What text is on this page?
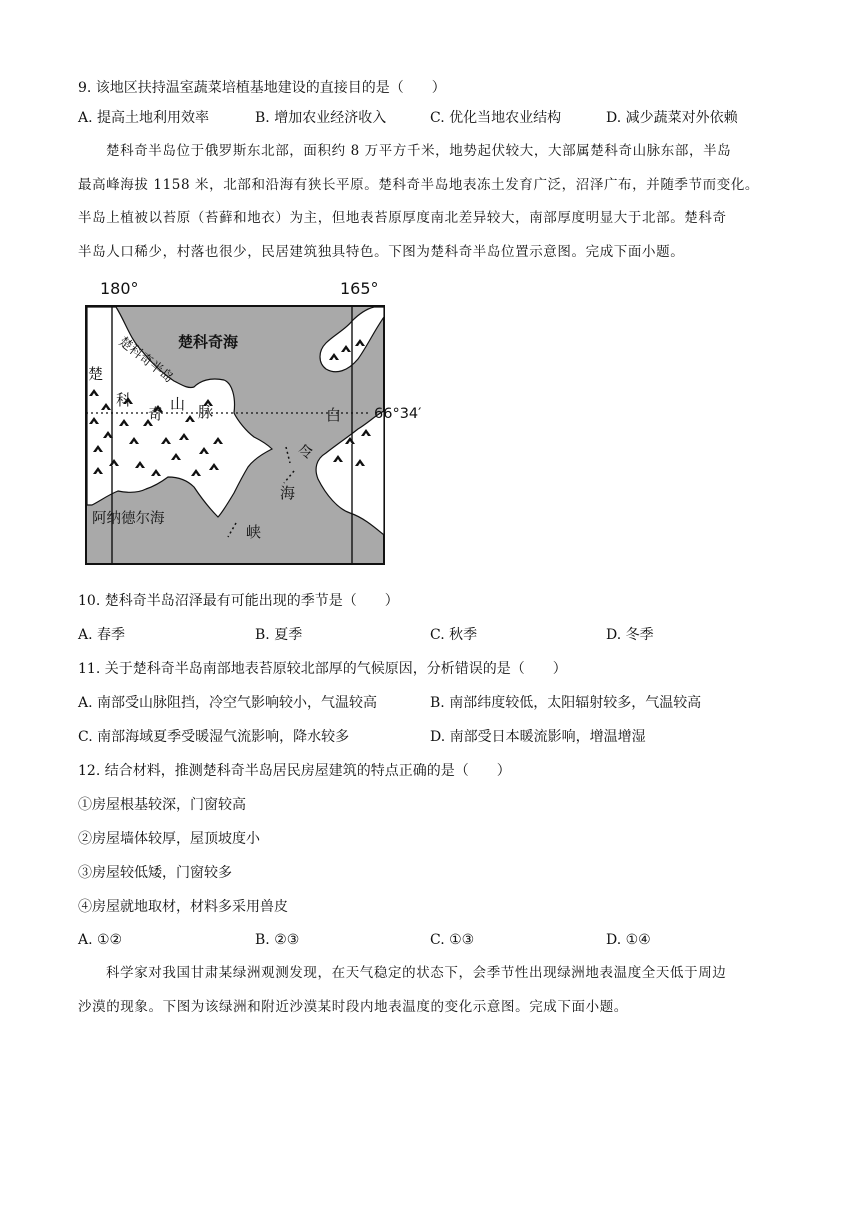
9. 该地区扶持温室蔬菜培植基地建设的直接目的是（　　）
A. 提高土地利用效率	B. 增加农业经济收入	C. 优化当地农业结构	D. 减少蔬菜对外依赖
楚科奇半岛位于俄罗斯东北部，面积约 8 万平方千米，地势起伏较大，大部属楚科奇山脉东部，半岛
最高峰海拔 1158 米，北部和沿海有狭长平原。楚科奇半岛地表冻土发育广泛，沼泽广布，并随季节而变化。
半岛上植被以苔原（苔藓和地衣）为主，但地表苔原厚度南北差异较大，南部厚度明显大于北部。楚科奇
半岛人口稀少，村落也很少，民居建筑独具特色。下图为楚科奇半岛位置示意图。完成下面小题。
180°	165°
66°34′
楚科奇海
楚科奇半岛
楚
科
奇
山 脉	白
令
海
峡
阿纳德尔海
10. 楚科奇半岛沼泽最有可能出现的季节是（　　）
A. 春季	B. 夏季	C. 秋季	D. 冬季
11. 关于楚科奇半岛南部地表苔原较北部厚的气候原因，分析错误的是（　　）
A. 南部受山脉阻挡，冷空气影响较小，气温较高	B. 南部纬度较低，太阳辐射较多，气温较高
C. 南部海域夏季受暖湿气流影响，降水较多	D. 南部受日本暖流影响，增温增湿
12. 结合材料，推测楚科奇半岛居民房屋建筑的特点正确的是（　　）
①房屋根基较深，门窗较高
②房屋墙体较厚，屋顶坡度小
③房屋较低矮，门窗较多
④房屋就地取材，材料多采用兽皮
A. ①②	B. ②③	C. ①③	D. ①④
科学家对我国甘肃某绿洲观测发现，在天气稳定的状态下，会季节性出现绿洲地表温度全天低于周边
沙漠的现象。下图为该绿洲和附近沙漠某时段内地表温度的变化示意图。完成下面小题。
